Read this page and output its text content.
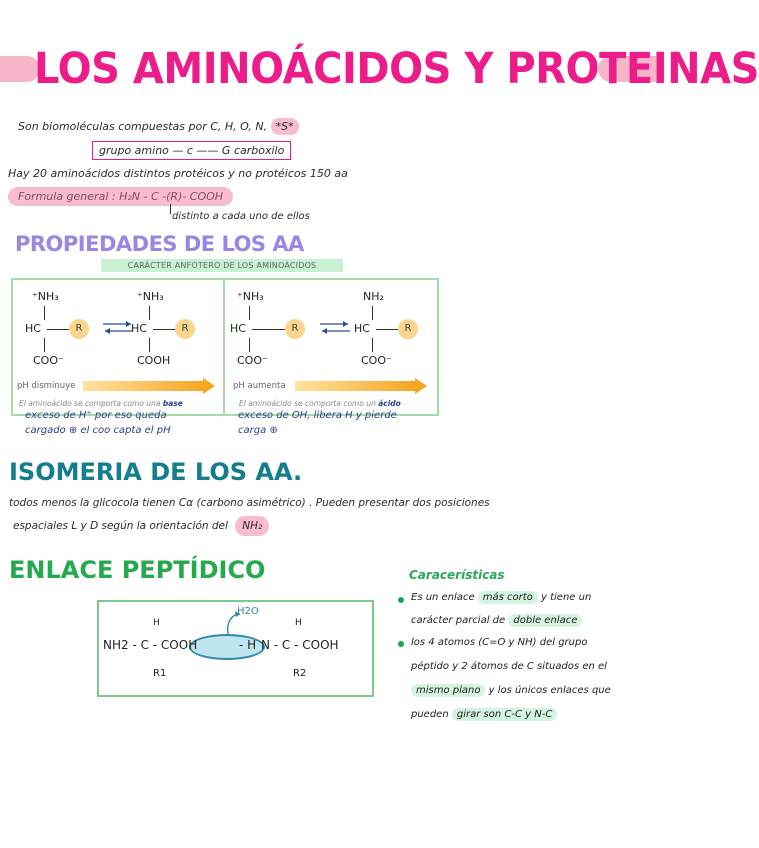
LOS AMINOÁCIDOS Y PROTEINAS
Son biomoléculas compuestas por C, H, O, N, *S*
grupo amino — c —— G carboxilo
Hay 20 aminoácidos distintos protéicos y no protéicos 150 aa
Formula general : H₂N - C -(R)- COOH
distinto a cada uno de ellos
PROPIEDADES DE LOS AA
CARÁCTER ANFÓTERO DE LOS AMINOÁCIDOS
⁺NH₃	⁺NH₃
HC	HC
R	R
COO⁻	COOH
pH disminuye
El aminoácido se comporta como una base
⁺NH₃	NH₂
HC	HC
R	R
COO⁻	COO⁻
pH aumenta
El aminoácido se comporta como un ácido
exceso de H⁺ por eso queda
cargado ⊕ el coo capta el pH
exceso de OH, libera H y pierde
carga ⊕
ISOMERIA DE LOS AA.
todos menos la glicocola tienen Cα (carbono asimétrico) . Pueden presentar dos posiciones
espaciales L y D según la orientación del NH₂
ENLACE PEPTÍDICO
H2O
H	H
NH2 - C - COOH	- H N - C - COOH
R1	R2
Caracerísticas
Es un enlace más corto y tiene un
carácter parcial de doble enlace
los 4 atomos (C=O y NH) del grupo
péptido y 2 átomos de C situados en el
mismo plano y los únicos enlaces que
pueden girar son C-C y N-C
